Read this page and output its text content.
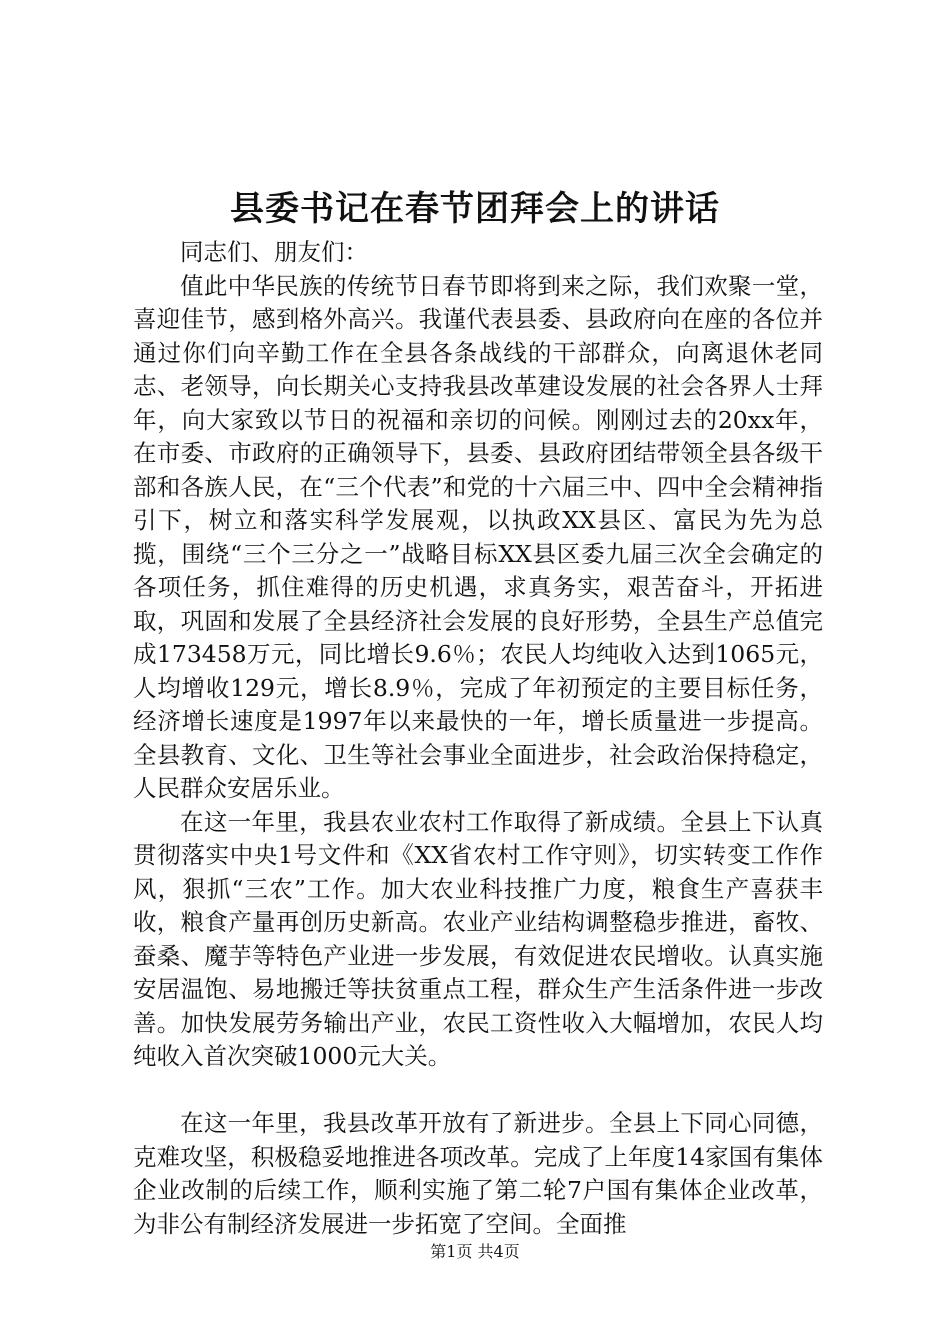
县委书记在春节团拜会上的讲话

同志们、朋友们：

值此中华民族的传统节日春节即将到来之际，我们欢聚一堂，喜迎佳节，感到格外高兴。我谨代表县委、县政府向在座的各位并通过你们向辛勤工作在全县各条战线的干部群众，向离退休老同志、老领导，向长期关心支持我县改革建设发展的社会各界人士拜年，向大家致以节日的祝福和亲切的问候。刚刚过去的20xx年，在市委、市政府的正确领导下，县委、县政府团结带领全县各级干部和各族人民，在“三个代表”和党的十六届三中、四中全会精神指引下，树立和落实科学发展观，以执政XX县区、富民为先为总揽，围绕“三个三分之一”战略目标XX县区委九届三次全会确定的各项任务，抓住难得的历史机遇，求真务实，艰苦奋斗，开拓进取，巩固和发展了全县经济社会发展的良好形势，全县生产总值完成173458万元，同比增长9.6％；农民人均纯收入达到1065元，人均增收129元，增长8.9％，完成了年初预定的主要目标任务，经济增长速度是1997年以来最快的一年，增长质量进一步提高。全县教育、文化、卫生等社会事业全面进步，社会政治保持稳定，人民群众安居乐业。

在这一年里，我县农业农村工作取得了新成绩。全县上下认真贯彻落实中央1号文件和《XX省农村工作守则》，切实转变工作作风，狠抓“三农”工作。加大农业科技推广力度，粮食生产喜获丰收，粮食产量再创历史新高。农业产业结构调整稳步推进，畜牧、蚕桑、魔芋等特色产业进一步发展，有效促进农民增收。认真实施安居温饱、易地搬迁等扶贫重点工程，群众生产生活条件进一步改善。加快发展劳务输出产业，农民工资性收入大幅增加，农民人均纯收入首次突破1000元大关。

在这一年里，我县改革开放有了新进步。全县上下同心同德，克难攻坚，积极稳妥地推进各项改革。完成了上年度14家国有集体企业改制的后续工作，顺利实施了第二轮7户国有集体企业改革，为非公有制经济发展进一步拓宽了空间。全面推

第1页 共4页
